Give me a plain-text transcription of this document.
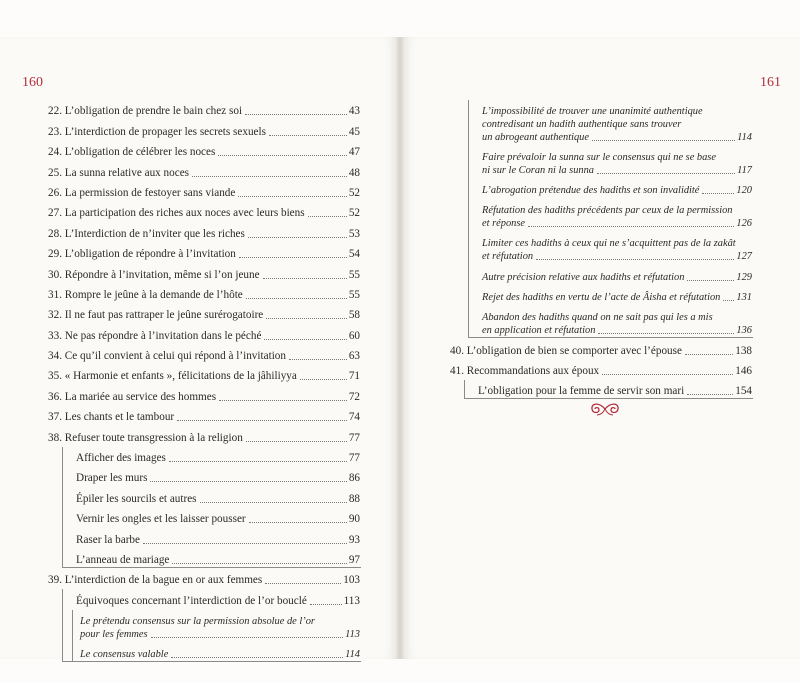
160	161
22. L’obligation de prendre le bain chez soi	43
23. L’interdiction de propager les secrets sexuels	45
24. L’obligation de célébrer les noces	47
25. La sunna relative aux noces	48
26. La permission de festoyer sans viande	52
27. La participation des riches aux noces avec leurs biens	52
28. L’Interdiction de n’inviter que les riches	53
29. L’obligation de répondre à l’invitation	54
30. Répondre à l’invitation, même si l’on jeune	55
31. Rompre le jeûne à la demande de l’hôte	55
32. Il ne faut pas rattraper le jeûne surérogatoire	58
33. Ne pas répondre à l’invitation dans le péché	60
34. Ce qu’il convient à celui qui répond à l’invitation	63
35. « Harmonie et enfants », félicitations de la jâhiliyya	71
36. La mariée au service des hommes	72
37. Les chants et le tambour	74
38. Refuser toute transgression à la religion	77
Afficher des images	77
Draper les murs	86
Épiler les sourcils et autres	88
Vernir les ongles et les laisser pousser	90
Raser la barbe	93
L’anneau de mariage	97
39. L’interdiction de la bague en or aux femmes	103
Équivoques concernant l’interdiction de l’or bouclé	113
Le prétendu consensus sur la permission absolue de l’or
pour les femmes	113
Le consensus valable	114
L’impossibilité de trouver une unanimité authentique
contredisant un hadith authentique sans trouver
un abrogeant authentique	114
Faire prévaloir la sunna sur le consensus qui ne se base
ni sur le Coran ni la sunna	117
L’abrogation prétendue des hadiths et son invalidité	120
Réfutation des hadiths précédents par ceux de la permission
et réponse	126
Limiter ces hadiths à ceux qui ne s’acquittent pas de la zakât
et réfutation	127
Autre précision relative aux hadiths et réfutation	129
Rejet des hadiths en vertu de l’acte de Âisha et réfutation 131
Abandon des hadiths quand on ne sait pas qui les a mis
en application et réfutation	136
40. L’obligation de bien se comporter avec l’épouse	138
41. Recommandations aux époux	146
L’obligation pour la femme de servir son mari	154
